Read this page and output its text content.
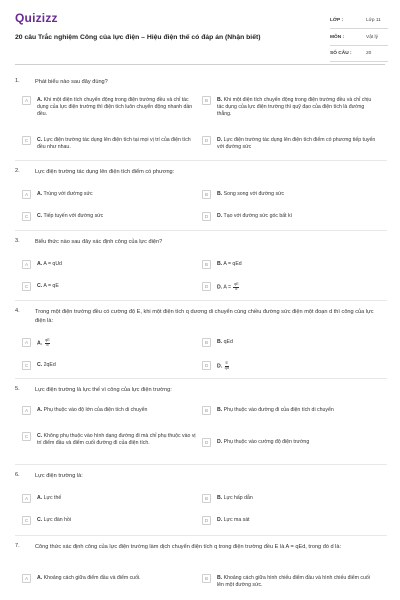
Quizizz
20 câu Trắc nghiệm Công của lực điện – Hiệu điện thế có đáp án (Nhận biết)
LỚP :	Lớp 11
MÔN :	Vật lý
SỐ CÂU :	20
1.	Phát biểu nào sau đây đúng?
A	A. Khi một điện tích chuyển động trong điện trường đều và chỉ tác dụng của lực điện trường thì điện tích luôn chuyển động nhanh dần đều.
B	B. Khi một điện tích chuyển động trong điện trường đều và chỉ chịu tác dụng của lực điện trường thì quỹ đạo của điện tích là đường thẳng.
C	C. Lực điện trường tác dụng lên điện tích tại mọi vị trí của điện tích đều như nhau.
D	D. Lực điện trường tác dụng lên điện tích điểm có phương tiếp tuyến với đường sức
2.	Lực điện trường tác dụng lên điện tích điểm có phương:
A	A. Trùng với đường sức	B	B. Song song với đường sức
C	C. Tiếp tuyến với đường sức	D	D. Tạo với đường sức góc bất kì
3.	Biểu thức nào sau đây xác định công của lực điện?
A	A. A = qUd	B	B. A = qEd
C	C. A = qE	D	D. $A = \frac{qE}{d}$
4.	Trong một điện trường đều có cường độ E, khi một điện tích q dương di chuyển cùng chiều đường sức điện một đoạn d thì công của lực điện là:
A	A. $\frac{qE}{d}$	B	B. qEd
C	C. 2qEd	D	D. $\frac{E}{qd}$
5.	Lực điện trường là lực thế vì công của lực điện trường:
A	A. Phụ thuộc vào độ lớn của điện tích di chuyển	B	B. Phụ thuộc vào đường đi của điện tích di chuyển
C	C. Không phụ thuộc vào hình dạng đường đi mà chỉ phụ thuộc vào vị trí điểm đầu và điểm cuối đường đi của điện tích.	D	D. Phụ thuộc vào cường độ điện trường
6.	Lực điện trường là:
A	A. Lực thế	B	B. Lực hấp dẫn
C	C. Lực đàn hồi	D	D. Lực ma sát
7.	Công thức xác định công của lực điện trường làm dịch chuyển điện tích q trong điện trường đều E là A = qEd, trong đó d là:
A	A. Khoảng cách giữa điểm đầu và điểm cuối.	B	B. Khoảng cách giữa hình chiếu điểm đầu và hình chiếu điểm cuối lên một đường sức.
